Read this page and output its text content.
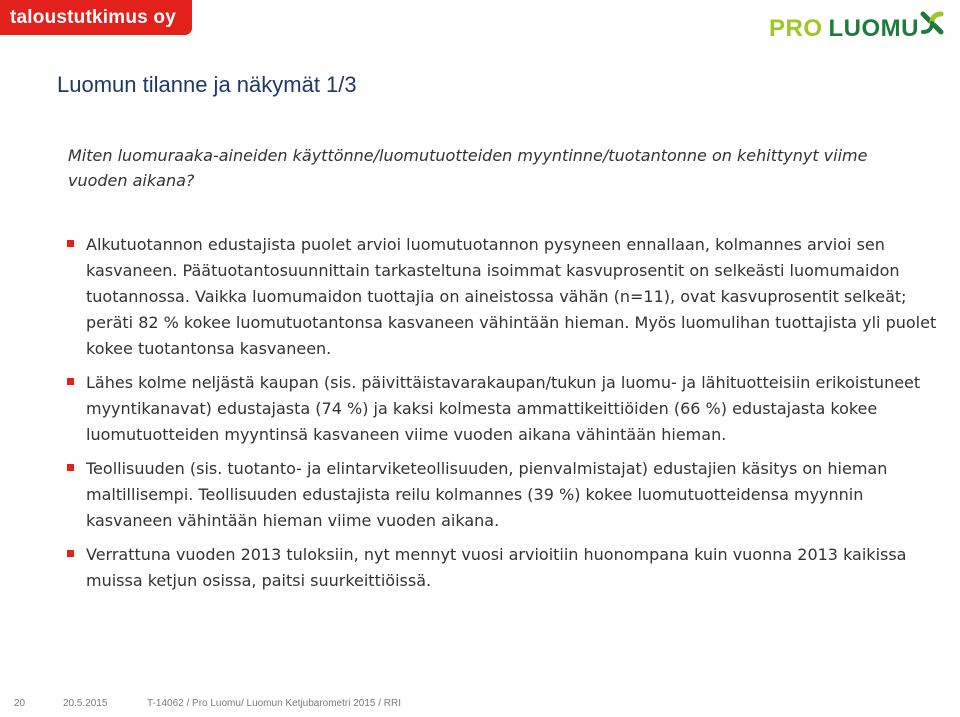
taloustutkimus oy	PRO LUOMU
Luomun tilanne ja näkymät 1/3

Miten luomuraaka-aineiden käyttönne/luomutuotteiden myyntinne/tuotantonne on kehittynyt viime vuoden aikana?

Alkutuotannon edustajista puolet arvioi luomutuotannon pysyneen ennallaan, kolmannes arvioi sen kasvaneen. Päätuotantosuunnittain tarkasteltuna isoimmat kasvuprosentit on selkeästi luomumaidon tuotannossa. Vaikka luomumaidon tuottajia on aineistossa vähän (n=11), ovat kasvuprosentit selkeät; peräti 82 % kokee luomutuotantonsa kasvaneen vähintään hieman. Myös luomulihan tuottajista yli puolet kokee tuotantonsa kasvaneen.
Lähes kolme neljästä kaupan (sis. päivittäistavarakaupan/tukun ja luomu- ja lähituotteisiin erikoistuneet myyntikanavat) edustajasta (74 %) ja kaksi kolmesta ammattikeittiöiden (66 %) edustajasta kokee luomutuotteiden myyntinsä kasvaneen viime vuoden aikana vähintään hieman.
Teollisuuden (sis. tuotanto- ja elintarviketeollisuuden, pienvalmistajat) edustajien käsitys on hieman maltillisempi. Teollisuuden edustajista reilu kolmannes (39 %) kokee luomutuotteidensa myynnin kasvaneen vähintään hieman viime vuoden aikana.
Verrattuna vuoden 2013 tuloksiin, nyt mennyt vuosi arvioitiin huonompana kuin vuonna 2013 kaikissa muissa ketjun osissa, paitsi suurkeittiöissä.
20	20.5.2015	T-14062 / Pro Luomu/ Luomun Ketjubarometri 2015 / RRI
